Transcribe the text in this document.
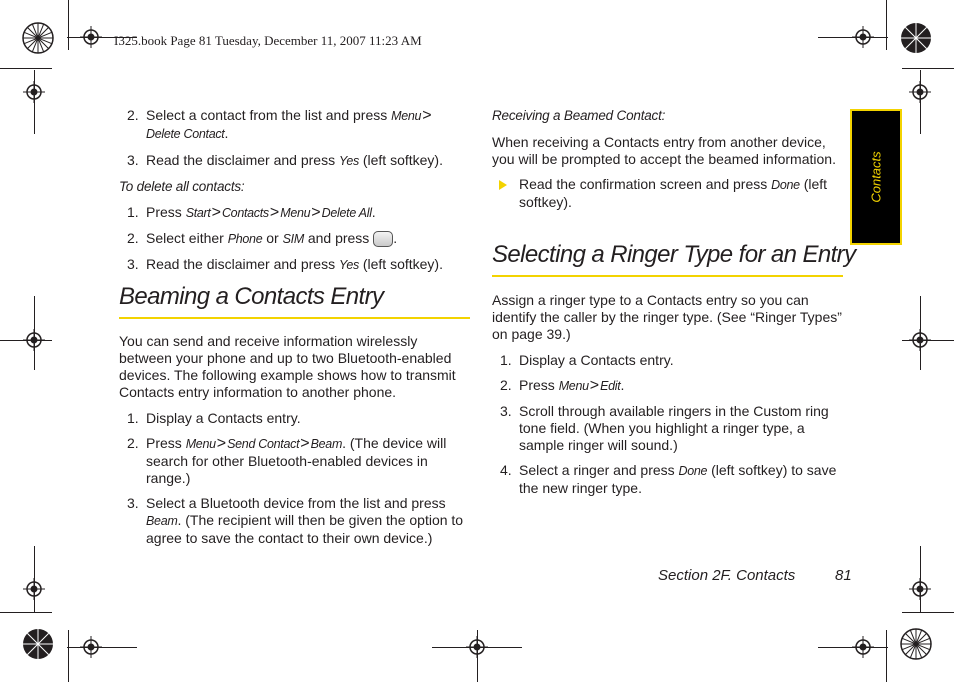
I325.book Page 81 Tuesday, December 11, 2007 11:23 AM
Contacts

2. Select a contact from the list and press Menu>
Delete Contact.

3. Read the disclaimer and press Yes (left softkey).

To delete all contacts:

1. Press Start>Contacts>Menu>Delete All.

2. Select either Phone or SIM and press .

3. Read the disclaimer and press Yes (left softkey).

Beaming a Contacts Entry

You can send and receive information wirelessly between your phone and up to two Bluetooth-enabled devices. The following example shows how to transmit Contacts entry information to another phone.

1. Display a Contacts entry.

2. Press Menu>Send Contact>Beam. (The device will search for other Bluetooth-enabled devices in range.)

3. Select a Bluetooth device from the list and press Beam. (The recipient will then be given the option to agree to save the contact to their own device.)

Receiving a Beamed Contact:

When receiving a Contacts entry from another device, you will be prompted to accept the beamed information.

Read the confirmation screen and press Done (left softkey).

Selecting a Ringer Type for an Entry

Assign a ringer type to a Contacts entry so you can identify the caller by the ringer type. (See “Ringer Types” on page 39.)

1. Display a Contacts entry.

2. Press Menu>Edit.

3. Scroll through available ringers in the Custom ring tone field. (When you highlight a ringer type, a sample ringer will sound.)

4. Select a ringer and press Done (left softkey) to save the new ringer type.

Section 2F. Contacts	81
